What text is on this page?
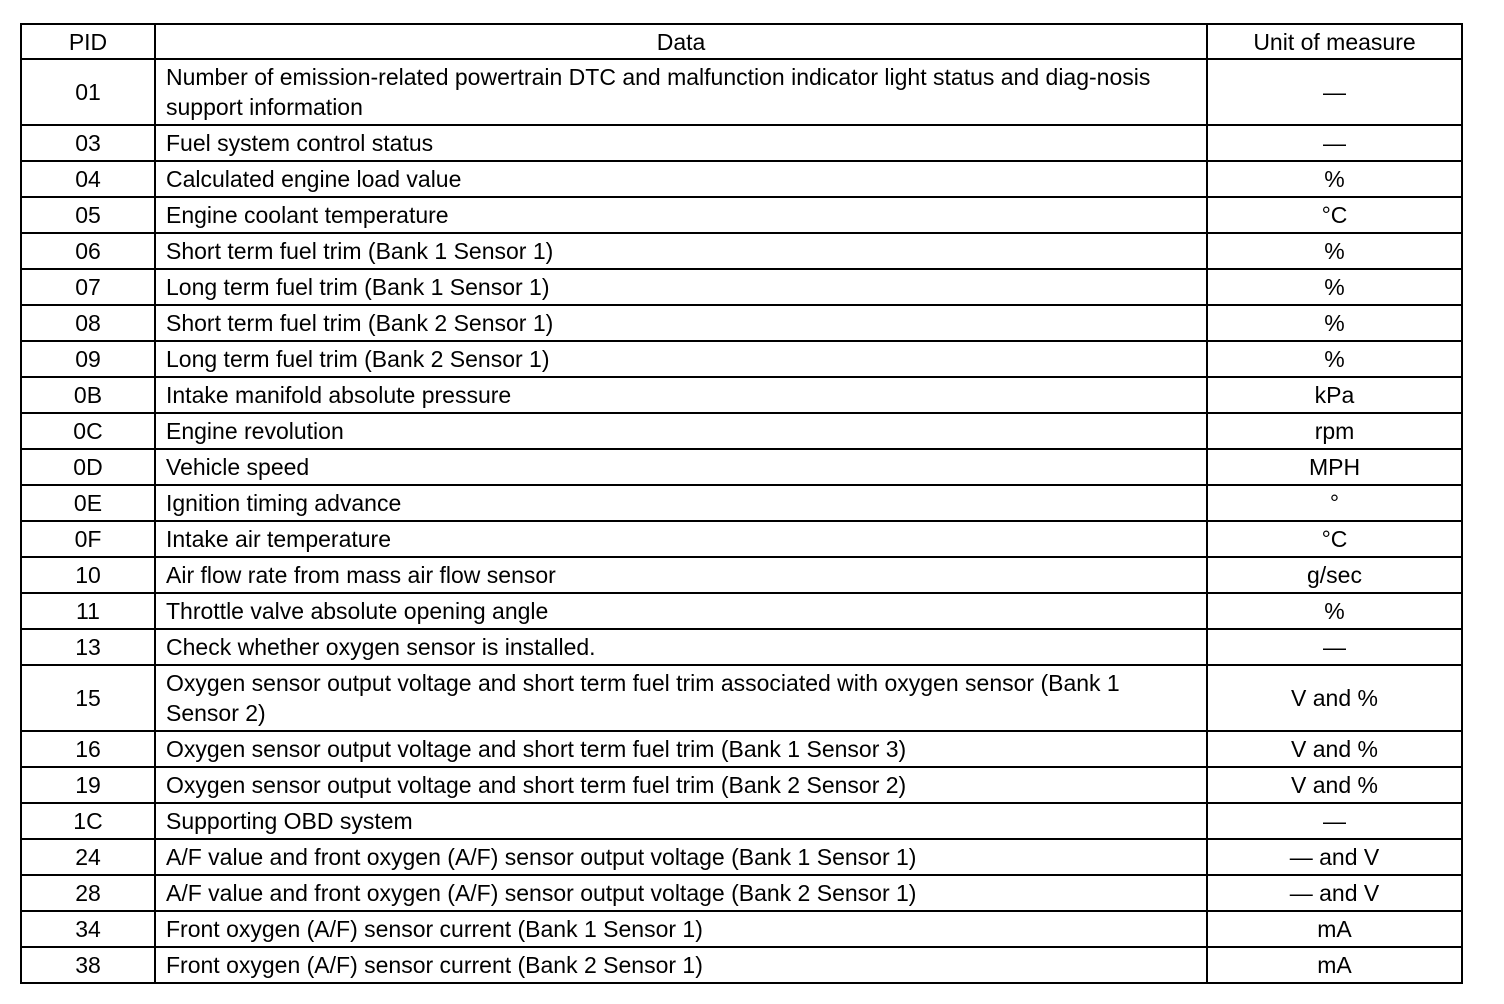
PID	Data	Unit of measure
01	Number of emission-related powertrain DTC and malfunction indicator light status and diag-nosis support information	—
03	Fuel system control status	—
04	Calculated engine load value	%
05	Engine coolant temperature	°C
06	Short term fuel trim (Bank 1 Sensor 1)	%
07	Long term fuel trim (Bank 1 Sensor 1)	%
08	Short term fuel trim (Bank 2 Sensor 1)	%
09	Long term fuel trim (Bank 2 Sensor 1)	%
0B	Intake manifold absolute pressure	kPa
0C	Engine revolution	rpm
0D	Vehicle speed	MPH
0E	Ignition timing advance	°
0F	Intake air temperature	°C
10	Air flow rate from mass air flow sensor	g/sec
11	Throttle valve absolute opening angle	%
13	Check whether oxygen sensor is installed.	—
15	Oxygen sensor output voltage and short term fuel trim associated with oxygen sensor (Bank 1 Sensor 2)	V and %
16	Oxygen sensor output voltage and short term fuel trim (Bank 1 Sensor 3)	V and %
19	Oxygen sensor output voltage and short term fuel trim (Bank 2 Sensor 2)	V and %
1C	Supporting OBD system	—
24	A/F value and front oxygen (A/F) sensor output voltage (Bank 1 Sensor 1)	— and V
28	A/F value and front oxygen (A/F) sensor output voltage (Bank 2 Sensor 1)	— and V
34	Front oxygen (A/F) sensor current (Bank 1 Sensor 1)	mA
38	Front oxygen (A/F) sensor current (Bank 2 Sensor 1)	mA
